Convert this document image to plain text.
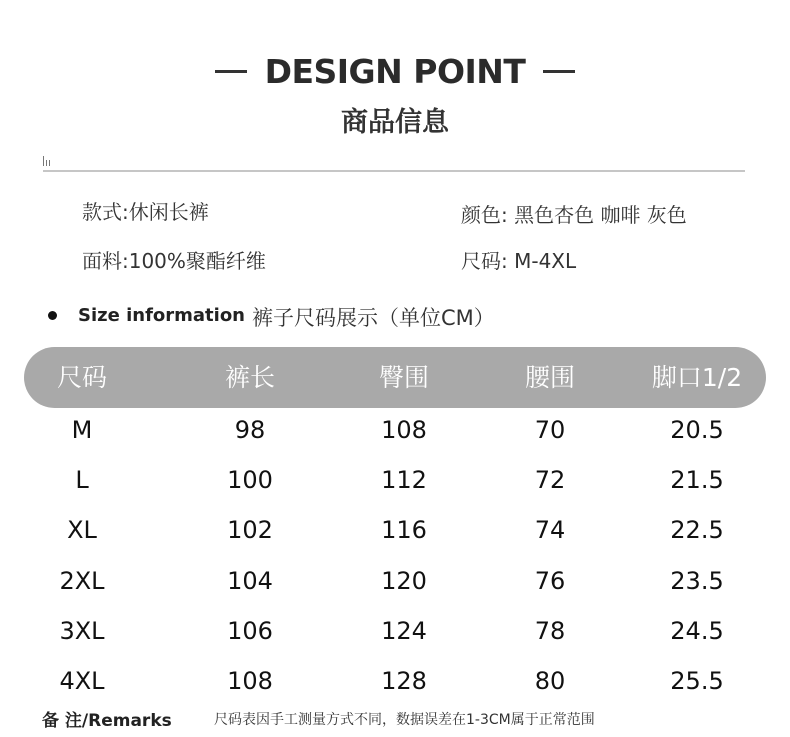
DESIGN POINT
商品信息
款式:休闲长裤
面料:100%聚酯纤维
颜色: 黑色杏色 咖啡 灰色
尺码: M-4XL
Size information 裤子尺码展示（单位CM）
尺码	裤长	臀围	腰围	脚口1/2
M	98	108	70	20.5
L	100	112	72	21.5
XL	102	116	74	22.5
2XL	104	120	76	23.5
3XL	106	124	78	24.5
4XL	108	128	80	25.5
备 注/Remarks	尺码表因手工测量方式不同，数据误差在1-3CM属于正常范围
